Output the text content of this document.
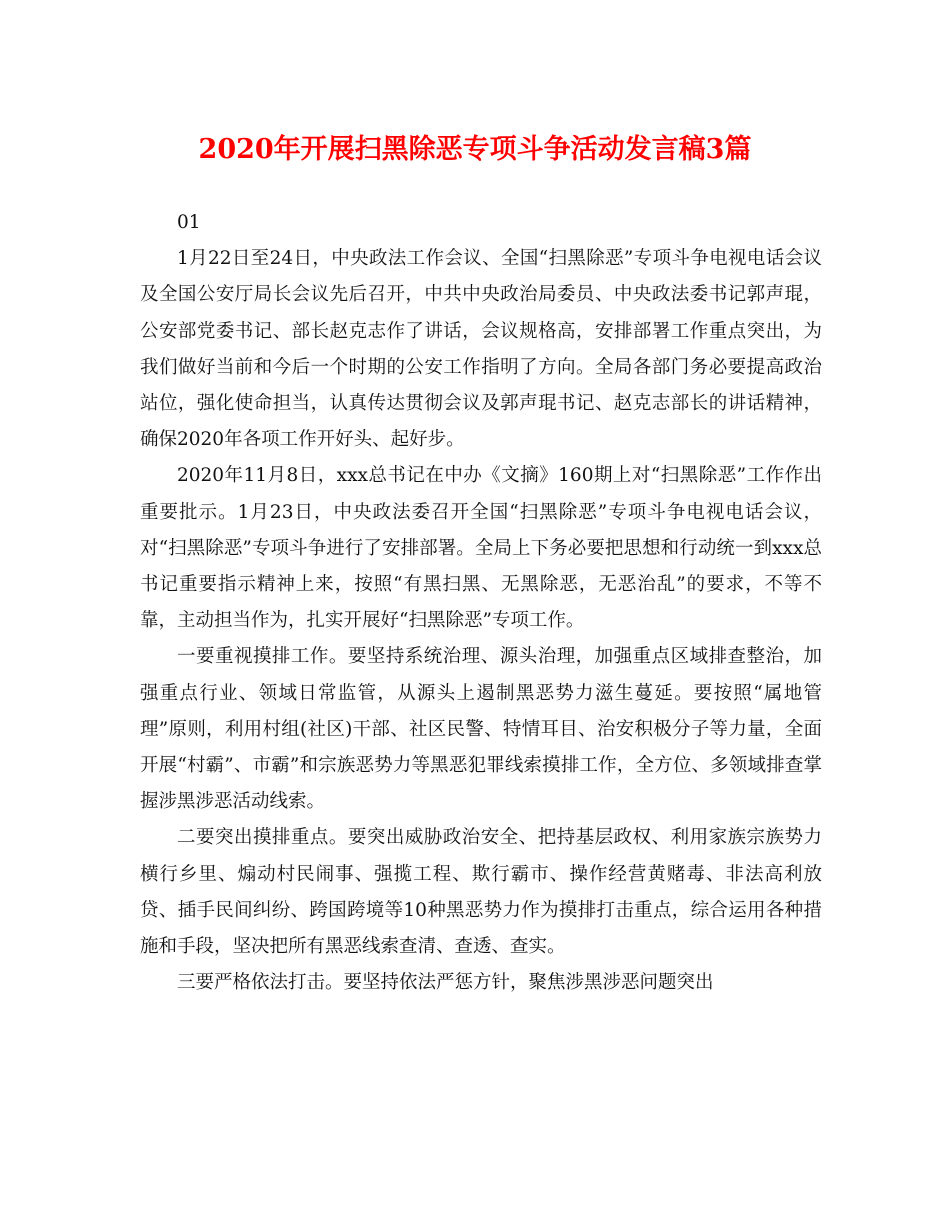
2020年开展扫黑除恶专项斗争活动发言稿3篇

01

1月22日至24日，中央政法工作会议、全国“扫黑除恶”专项斗争电视电话会议及全国公安厅局长会议先后召开，中共中央政治局委员、中央政法委书记郭声琨，公安部党委书记、部长赵克志作了讲话，会议规格高，安排部署工作重点突出，为我们做好当前和今后一个时期的公安工作指明了方向。全局各部门务必要提高政治站位，强化使命担当，认真传达贯彻会议及郭声琨书记、赵克志部长的讲话精神，确保2020年各项工作开好头、起好步。

2020年11月8日，xxx总书记在中办《文摘》160期上对“扫黑除恶”工作作出重要批示。1月23日，中央政法委召开全国“扫黑除恶”专项斗争电视电话会议，对“扫黑除恶”专项斗争进行了安排部署。全局上下务必要把思想和行动统一到xxx总书记重要指示精神上来，按照“有黑扫黑、无黑除恶，无恶治乱”的要求，不等不靠，主动担当作为，扎实开展好“扫黑除恶”专项工作。

一要重视摸排工作。要坚持系统治理、源头治理，加强重点区域排查整治，加强重点行业、领域日常监管，从源头上遏制黑恶势力滋生蔓延。要按照“属地管理”原则，利用村组(社区)干部、社区民警、特情耳目、治安积极分子等力量，全面开展“村霸”、市霸”和宗族恶势力等黑恶犯罪线索摸排工作，全方位、多领域排查掌握涉黑涉恶活动线索。

二要突出摸排重点。要突出威胁政治安全、把持基层政权、利用家族宗族势力横行乡里、煽动村民闹事、强揽工程、欺行霸市、操作经营黄赌毒、非法高利放贷、插手民间纠纷、跨国跨境等10种黑恶势力作为摸排打击重点，综合运用各种措施和手段，坚决把所有黑恶线索查清、查透、查实。

三要严格依法打击。要坚持依法严惩方针，聚焦涉黑涉恶问题突出
